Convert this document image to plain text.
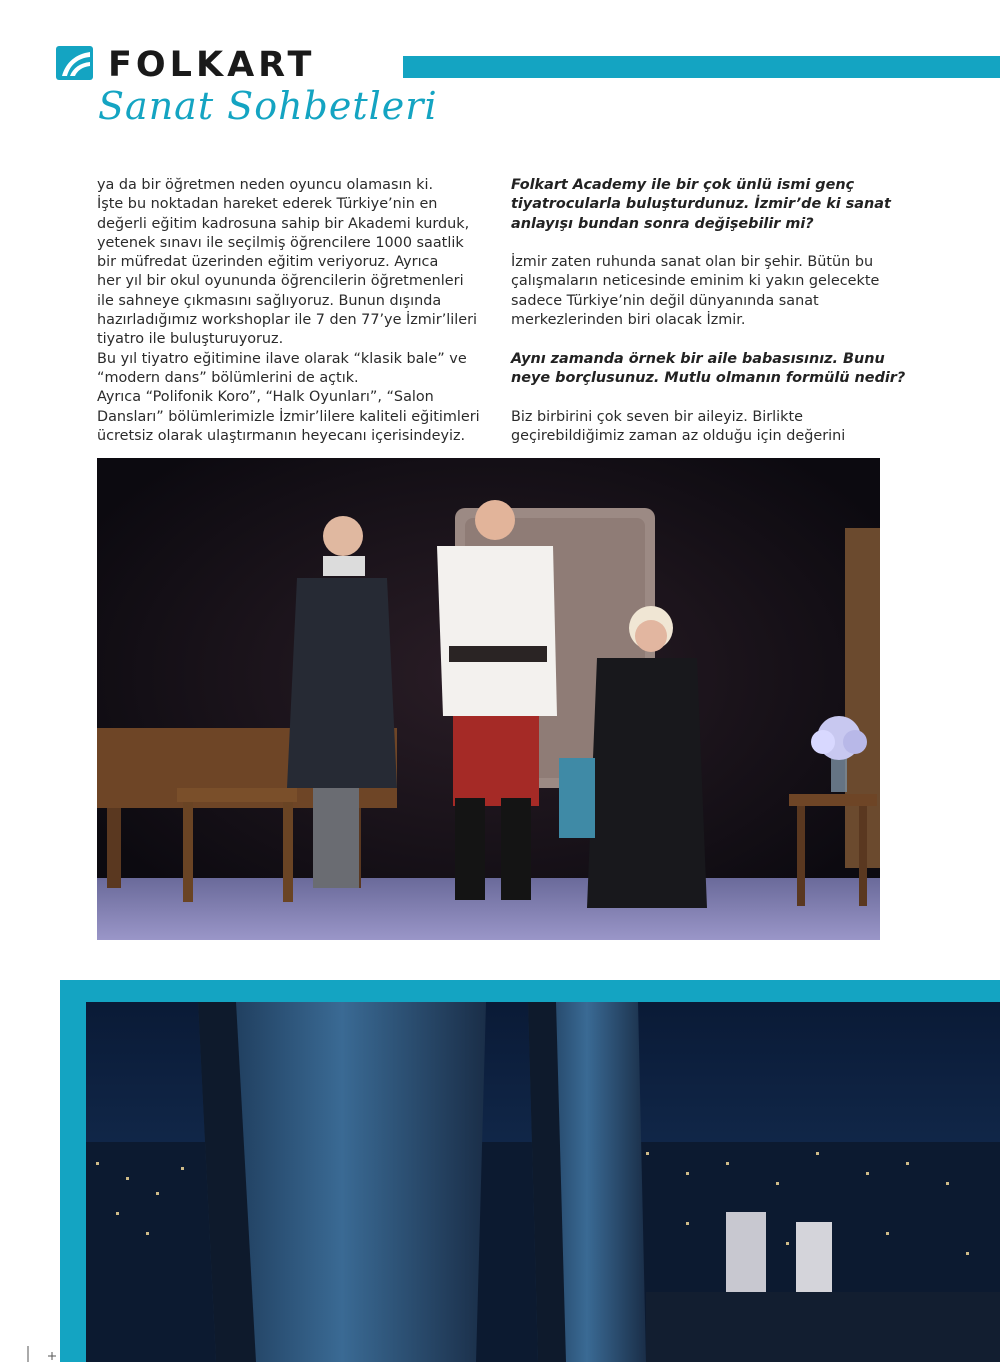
FOLKART
Sanat Sohbetleri

ya da bir öğretmen neden oyuncu olamasın ki.

İşte bu noktadan hareket ederek Türkiye’nin en

değerli eğitim kadrosuna sahip bir Akademi kurduk,

yetenek sınavı ile seçilmiş öğrencilere 1000 saatlik

bir müfredat üzerinden eğitim veriyoruz. Ayrıca

her yıl bir okul oyununda öğrencilerin öğretmenleri

ile sahneye çıkmasını sağlıyoruz. Bunun dışında

hazırladığımız workshoplar ile 7 den 77’ye İzmir’lileri

tiyatro ile buluşturuyoruz.

Bu yıl tiyatro eğitimine ilave olarak “klasik bale” ve

“modern dans” bölümlerini de açtık.

Ayrıca “Polifonik Koro”, “Halk Oyunları”, “Salon

Dansları” bölümlerimizle İzmir’lilere kaliteli eğitimleri

ücretsiz olarak ulaştırmanın heyecanı içerisindeyiz.

Folkart Academy ile bir çok ünlü ismi genç

tiyatrocularla buluşturdunuz. İzmir’de ki sanat

anlayışı bundan sonra değişebilir mi?

İzmir zaten ruhunda sanat olan bir şehir. Bütün bu

çalışmaların neticesinde eminim ki yakın gelecekte

sadece Türkiye’nin değil dünyanında sanat

merkezlerinden biri olacak İzmir.

Aynı zamanda örnek bir aile babasısınız. Bunu

neye borçlusunuz. Mutlu olmanın formülü nedir?

Biz birbirini çok seven bir aileyiz. Birlikte

geçirebildiğimiz zaman az olduğu için değerini
